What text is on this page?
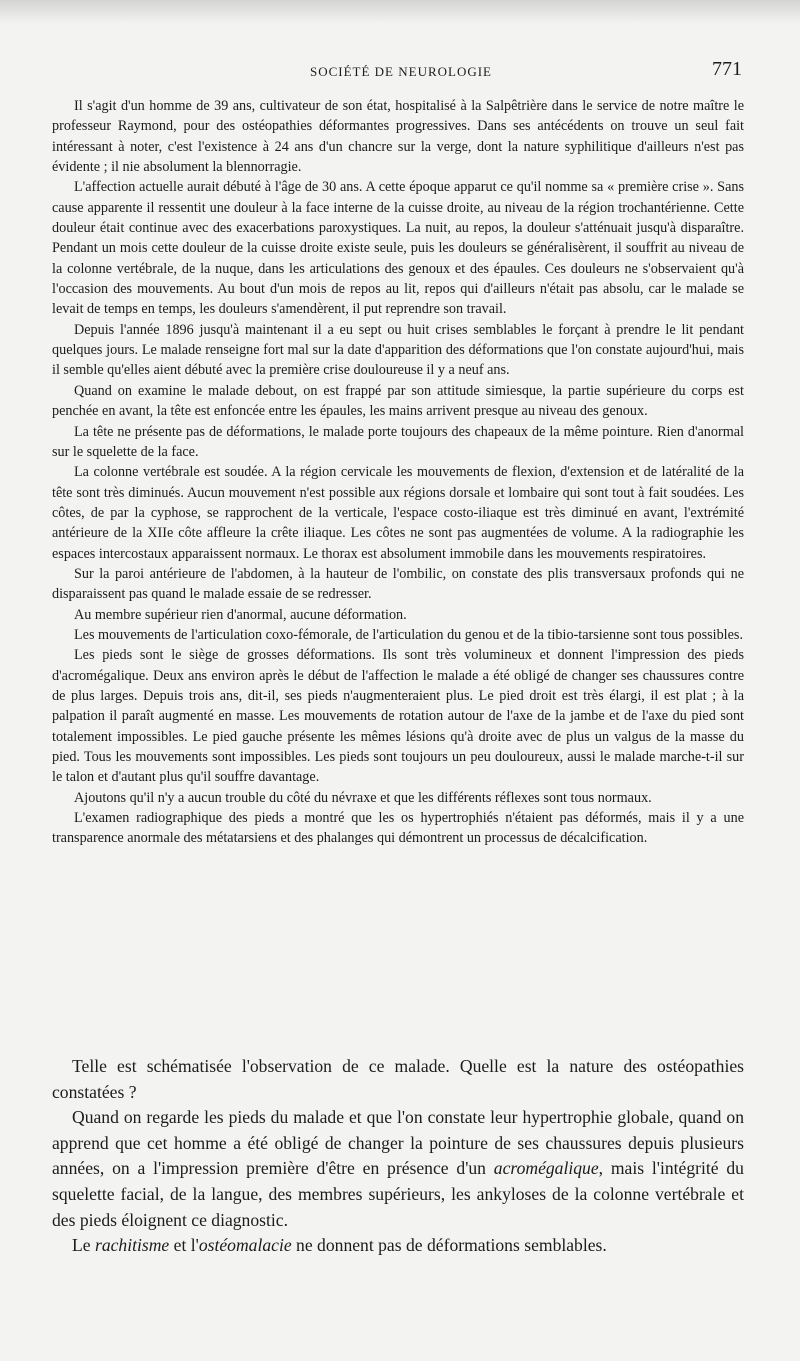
SOCIÉTÉ DE NEUROLOGIE	771

Il s'agit d'un homme de 39 ans, cultivateur de son état, hospitalisé à la Salpêtrière dans le service de notre maître le professeur Raymond, pour des ostéopathies déformantes progressives. Dans ses antécédents on trouve un seul fait intéressant à noter, c'est l'existence à 24 ans d'un chancre sur la verge, dont la nature syphilitique d'ailleurs n'est pas évidente ; il nie absolument la blennorragie.

L'affection actuelle aurait débuté à l'âge de 30 ans. A cette époque apparut ce qu'il nomme sa « première crise ». Sans cause apparente il ressentit une douleur à la face interne de la cuisse droite, au niveau de la région trochantérienne. Cette douleur était continue avec des exacerbations paroxystiques. La nuit, au repos, la douleur s'atténuait jusqu'à disparaître. Pendant un mois cette douleur de la cuisse droite existe seule, puis les douleurs se généralisèrent, il souffrit au niveau de la colonne vertébrale, de la nuque, dans les articulations des genoux et des épaules. Ces douleurs ne s'observaient qu'à l'occasion des mouvements. Au bout d'un mois de repos au lit, repos qui d'ailleurs n'était pas absolu, car le malade se levait de temps en temps, les douleurs s'amendèrent, il put reprendre son travail.

Depuis l'année 1896 jusqu'à maintenant il a eu sept ou huit crises semblables le forçant à prendre le lit pendant quelques jours. Le malade renseigne fort mal sur la date d'apparition des déformations que l'on constate aujourd'hui, mais il semble qu'elles aient débuté avec la première crise douloureuse il y a neuf ans.

Quand on examine le malade debout, on est frappé par son attitude simiesque, la partie supérieure du corps est penchée en avant, la tête est enfoncée entre les épaules, les mains arrivent presque au niveau des genoux.

La tête ne présente pas de déformations, le malade porte toujours des chapeaux de la même pointure. Rien d'anormal sur le squelette de la face.

La colonne vertébrale est soudée. A la région cervicale les mouvements de flexion, d'extension et de latéralité de la tête sont très diminués. Aucun mouvement n'est possible aux régions dorsale et lombaire qui sont tout à fait soudées. Les côtes, de par la cyphose, se rapprochent de la verticale, l'espace costo-iliaque est très diminué en avant, l'extrémité antérieure de la XIIe côte affleure la crête iliaque. Les côtes ne sont pas augmentées de volume. A la radiographie les espaces intercostaux apparaissent normaux. Le thorax est absolument immobile dans les mouvements respiratoires.

Sur la paroi antérieure de l'abdomen, à la hauteur de l'ombilic, on constate des plis transversaux profonds qui ne disparaissent pas quand le malade essaie de se redresser.

Au membre supérieur rien d'anormal, aucune déformation.

Les mouvements de l'articulation coxo-fémorale, de l'articulation du genou et de la tibio-tarsienne sont tous possibles.

Les pieds sont le siège de grosses déformations. Ils sont très volumineux et donnent l'impression des pieds d'acromégalique. Deux ans environ après le début de l'affection le malade a été obligé de changer ses chaussures contre de plus larges. Depuis trois ans, dit-il, ses pieds n'augmenteraient plus. Le pied droit est très élargi, il est plat ; à la palpation il paraît augmenté en masse. Les mouvements de rotation autour de l'axe de la jambe et de l'axe du pied sont totalement impossibles. Le pied gauche présente les mêmes lésions qu'à droite avec de plus un valgus de la masse du pied. Tous les mouvements sont impossibles. Les pieds sont toujours un peu douloureux, aussi le malade marche-t-il sur le talon et d'autant plus qu'il souffre davantage.

Ajoutons qu'il n'y a aucun trouble du côté du névraxe et que les différents réflexes sont tous normaux.

L'examen radiographique des pieds a montré que les os hypertrophiés n'étaient pas déformés, mais il y a une transparence anormale des métatarsiens et des phalanges qui démontrent un processus de décalcification.

Telle est schématisée l'observation de ce malade. Quelle est la nature des ostéopathies constatées ?

Quand on regarde les pieds du malade et que l'on constate leur hypertrophie globale, quand on apprend que cet homme a été obligé de changer la pointure de ses chaussures depuis plusieurs années, on a l'impression première d'être en présence d'un acromégalique, mais l'intégrité du squelette facial, de la langue, des membres supérieurs, les ankyloses de la colonne vertébrale et des pieds éloignent ce diagnostic.

Le rachitisme et l'ostéomalacie ne donnent pas de déformations semblables.
